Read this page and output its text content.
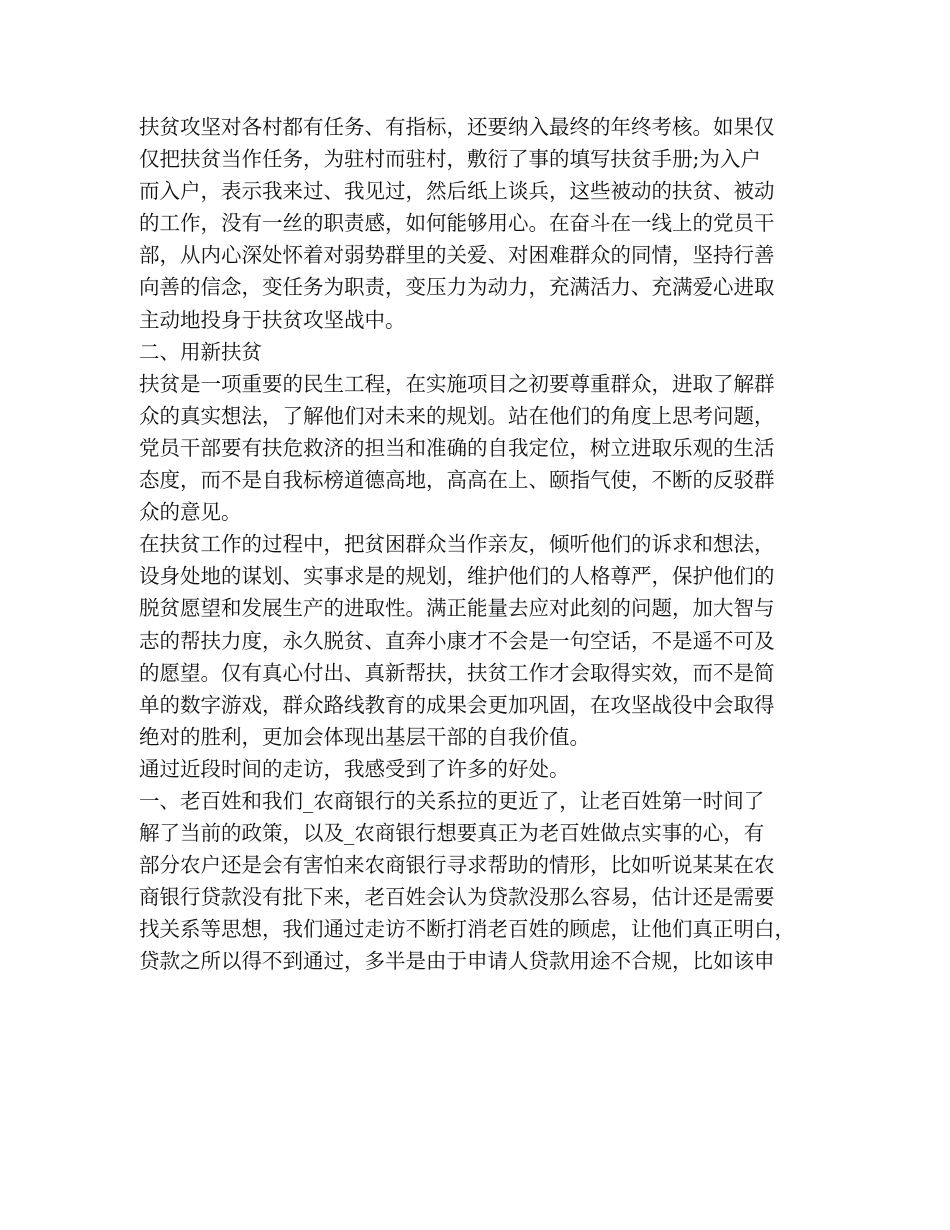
扶贫攻坚对各村都有任务、有指标，还要纳入最终的年终考核。如果仅
仅把扶贫当作任务，为驻村而驻村，敷衍了事的填写扶贫手册;为入户
而入户，表示我来过、我见过，然后纸上谈兵，这些被动的扶贫、被动
的工作，没有一丝的职责感，如何能够用心。在奋斗在一线上的党员干
部，从内心深处怀着对弱势群里的关爱、对困难群众的同情，坚持行善
向善的信念，变任务为职责，变压力为动力，充满活力、充满爱心进取
主动地投身于扶贫攻坚战中。
二、用新扶贫
扶贫是一项重要的民生工程，在实施项目之初要尊重群众，进取了解群
众的真实想法，了解他们对未来的规划。站在他们的角度上思考问题，
党员干部要有扶危救济的担当和准确的自我定位，树立进取乐观的生活
态度，而不是自我标榜道德高地，高高在上、颐指气使，不断的反驳群
众的意见。
在扶贫工作的过程中，把贫困群众当作亲友，倾听他们的诉求和想法，
设身处地的谋划、实事求是的规划，维护他们的人格尊严，保护他们的
脱贫愿望和发展生产的进取性。满正能量去应对此刻的问题，加大智与
志的帮扶力度，永久脱贫、直奔小康才不会是一句空话，不是遥不可及
的愿望。仅有真心付出、真新帮扶，扶贫工作才会取得实效，而不是简
单的数字游戏，群众路线教育的成果会更加巩固，在攻坚战役中会取得
绝对的胜利，更加会体现出基层干部的自我价值。
通过近段时间的走访，我感受到了许多的好处。
一、老百姓和我们_农商银行的关系拉的更近了，让老百姓第一时间了
解了当前的政策，以及_农商银行想要真正为老百姓做点实事的心，有
部分农户还是会有害怕来农商银行寻求帮助的情形，比如听说某某在农
商银行贷款没有批下来，老百姓会认为贷款没那么容易，估计还是需要
找关系等思想，我们通过走访不断打消老百姓的顾虑，让他们真正明白，
贷款之所以得不到通过，多半是由于申请人贷款用途不合规，比如该申
